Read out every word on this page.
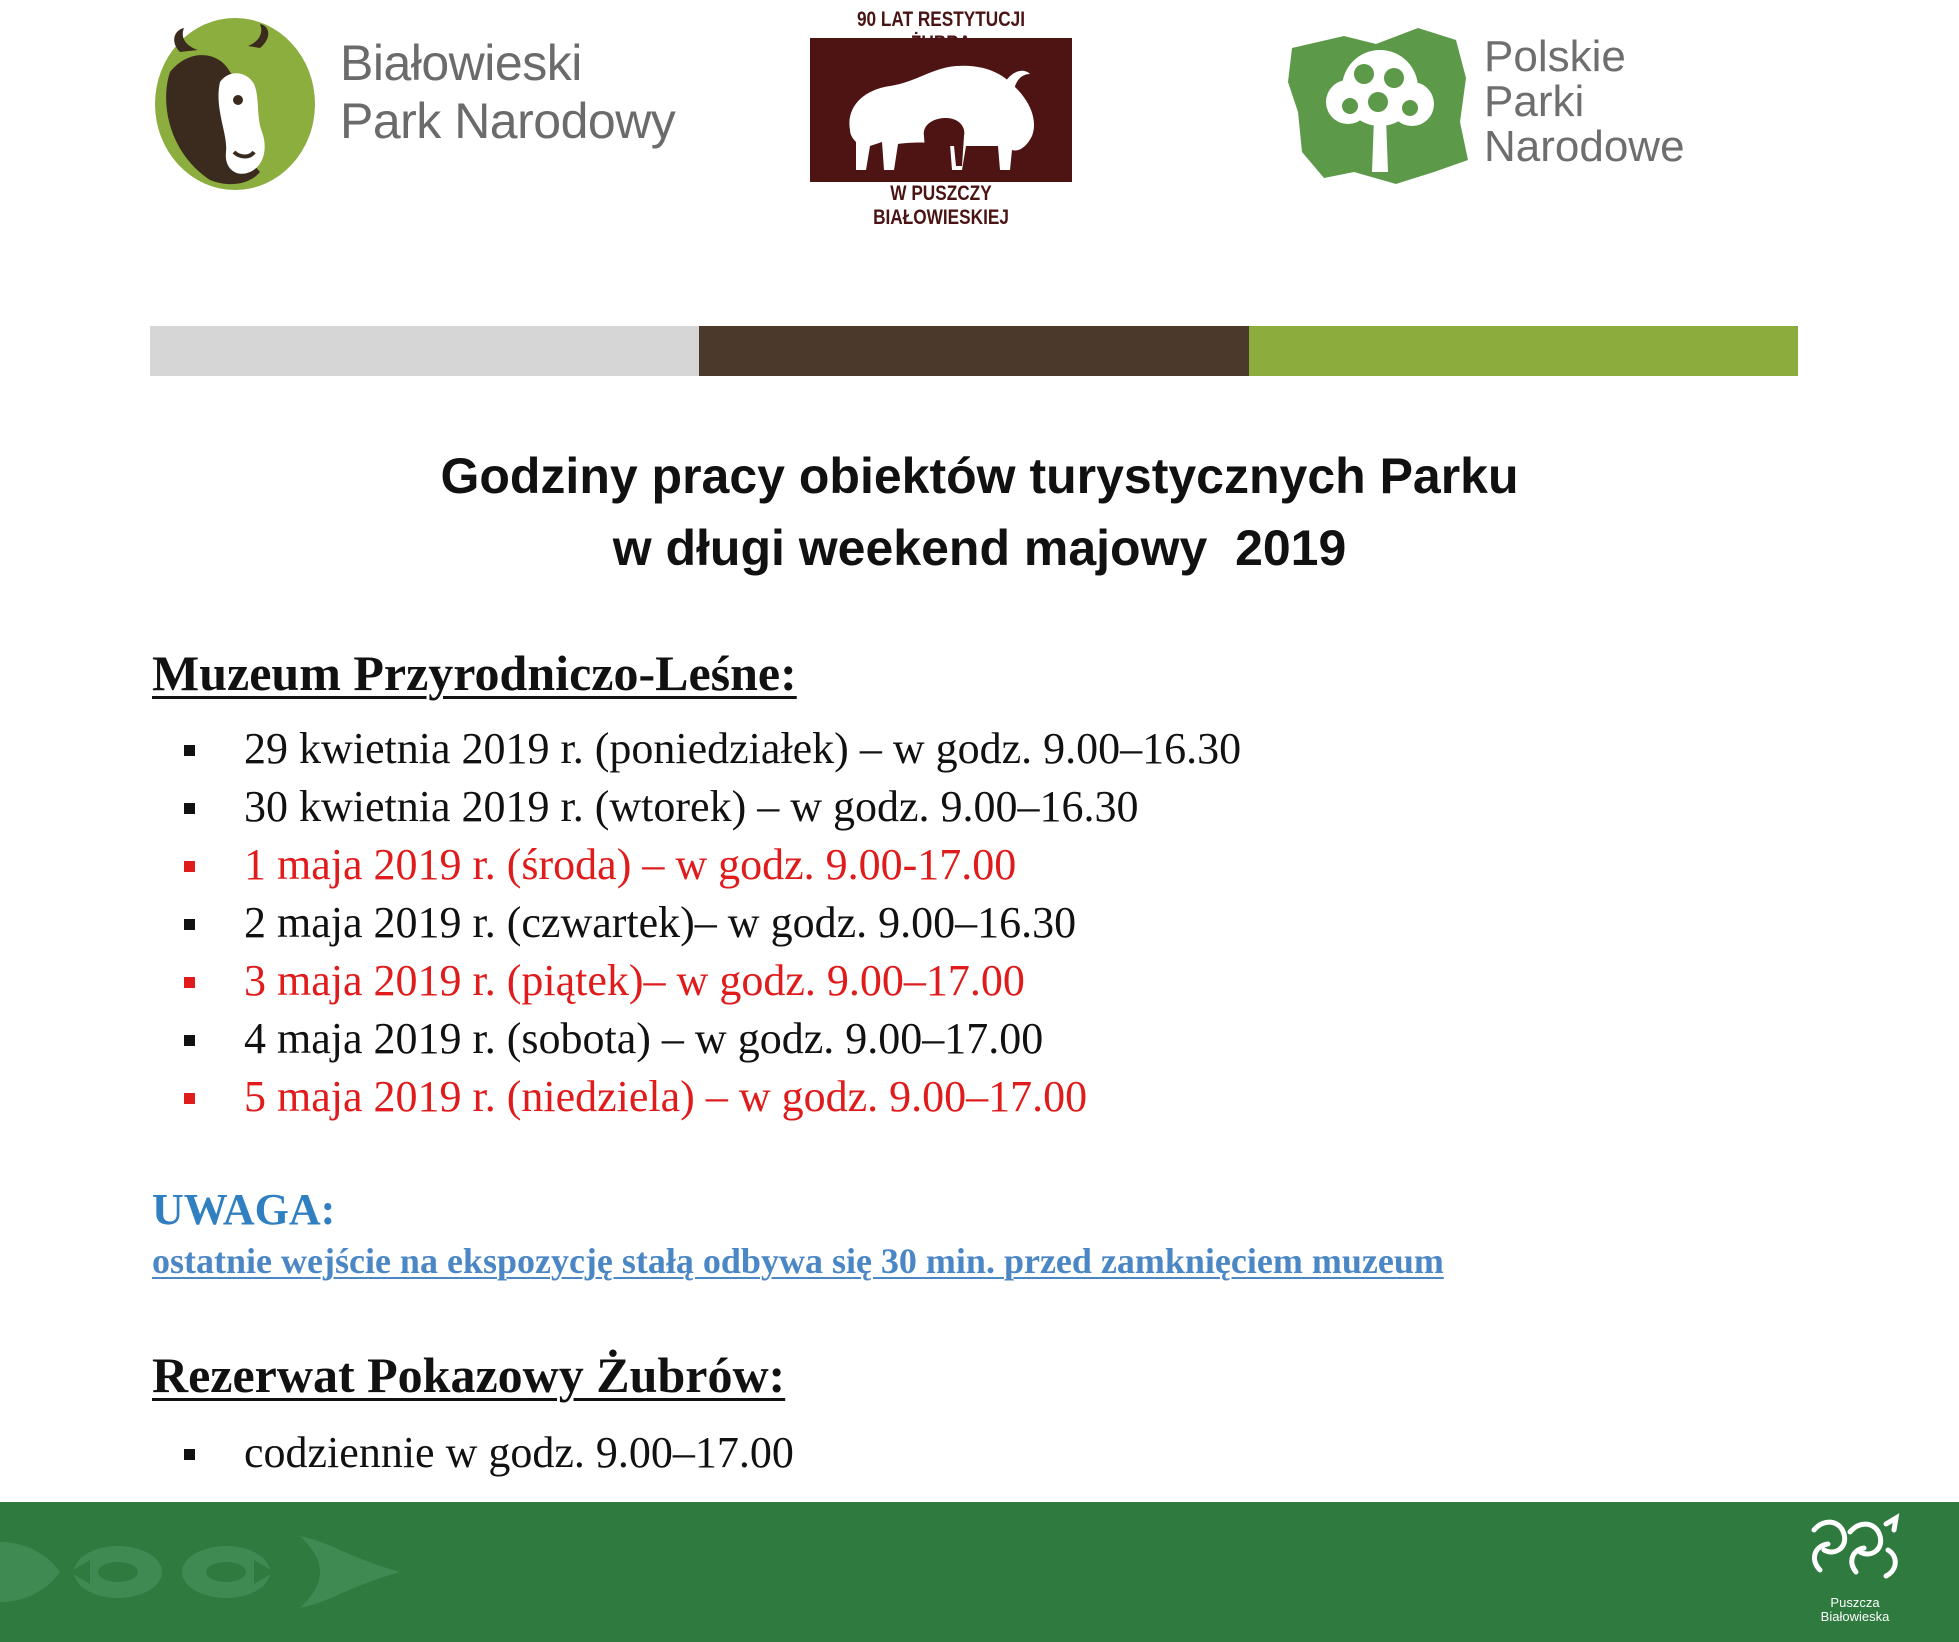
Białowieski
Park Narodowy
90 LAT RESTYTUCJI
W PUSZCZY BIAŁOWIESKIEJ
Polskie
Parki
Narodowe
Godziny pracy obiektów turystycznych Parku
w długi weekend majowy  2019
Muzeum Przyrodniczo-Leśne:
29 kwietnia 2019 r. (poniedziałek) – w godz. 9.00–16.30
30 kwietnia 2019 r. (wtorek) – w godz. 9.00–16.30
1 maja 2019 r. (środa) – w godz. 9.00-17.00
2 maja 2019 r. (czwartek)– w godz. 9.00–16.30
3 maja 2019 r. (piątek)– w godz. 9.00–17.00
4 maja 2019 r. (sobota) – w godz. 9.00–17.00
5 maja 2019 r. (niedziela) – w godz. 9.00–17.00
UWAGA:
ostatnie wejście na ekspozycję stałą odbywa się 30 min. przed zamknięciem muzeum
Rezerwat Pokazowy Żubrów:
codziennie w godz. 9.00–17.00
Puszcza
Białowieska
